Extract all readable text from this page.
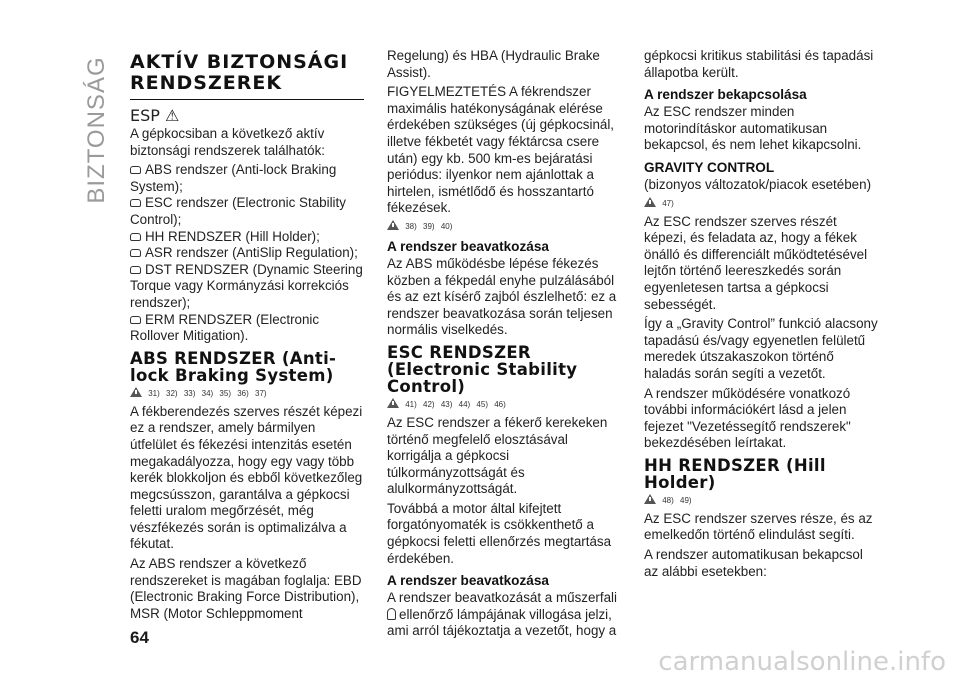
BIZTONSÁG AKTÍV BIZTONSÁGI
RENDSZEREK
ESP ⚠

A gépkocsiban a következő aktív biztonsági rendszerek találhatók:

ABS rendszer (Anti-lock Braking System);
ESC rendszer (Electronic Stability Control);
HH RENDSZER (Hill Holder);
ASR rendszer (AntiSlip Regulation);
DST RENDSZER (Dynamic Steering Torque vagy Kormányzási korrekciós rendszer);
ERM RENDSZER (Electronic Rollover Mitigation).
ABS RENDSZER (Anti-
lock Braking System)
31) 32) 33) 34) 35) 36) 37)

A fékberendezés szerves részét képezi ez a rendszer, amely bármilyen útfelület és fékezési intenzitás esetén megakadályozza, hogy egy vagy több kerék blokkoljon és ebből következőleg megcsússzon, garantálva a gépkocsi feletti uralom megőrzését, még vészfékezés során is optimalizálva a fékutat.

Az ABS rendszer a következő rendszereket is magában foglalja: EBD (Electronic Braking Force Distribution), MSR (Motor Schleppmoment

Regelung) és HBA (Hydraulic Brake Assist).

FIGYELMEZTETÉS A fékrendszer maximális hatékonyságának elérése érdekében szükséges (új gépkocsinál, illetve fékbetét vagy féktárcsa csere után) egy kb. 500 km-es bejáratási periódus: ilyenkor nem ajánlottak a hirtelen, ismétlődő és hosszantartó fékezések.

38) 39) 40)
A rendszer beavatkozása

Az ABS működésbe lépése fékezés közben a fékpedál enyhe pulzálásából és az ezt kísérő zajból észlelhető: ez a rendszer beavatkozása során teljesen normális viselkedés.

ESC RENDSZER
(Electronic Stability
Control)
41) 42) 43) 44) 45) 46)

Az ESC rendszer a fékerő kerekeken történő megfelelő elosztásával korrigálja a gépkocsi túlkormányzottságát és alulkormányzottságát.

Továbbá a motor által kifejtett forgatónyomaték is csökkenthető a gépkocsi feletti ellenőrzés megtartása érdekében.

A rendszer beavatkozása

A rendszer beavatkozását a műszerfali
ellenőrző lámpájának villogása jelzi, ami arról tájékoztatja a vezetőt, hogy a

gépkocsi kritikus stabilitási és tapadási állapotba került.

A rendszer bekapcsolása

Az ESC rendszer minden motorindításkor automatikusan bekapcsol, és nem lehet kikapcsolni.

GRAVITY CONTROL

(bizonyos változatok/piacok esetében)

47)

Az ESC rendszer szerves részét képezi, és feladata az, hogy a fékek önálló és differenciált működtetésével lejtőn történő leereszkedés során egyenletesen tartsa a gépkocsi sebességét.

Így a „Gravity Control” funkció alacsony tapadású és/vagy egyenetlen felületű meredek útszakaszokon történő haladás során segíti a vezetőt.

A rendszer működésére vonatkozó további információkért lásd a jelen fejezet "Vezetéssegítő rendszerek" bekezdésében leírtakat.

HH RENDSZER (Hill
Holder)
48) 49)

Az ESC rendszer szerves része, és az emelkedőn történő elindulást segíti.

A rendszer automatikusan bekapcsol az alábbi esetekben:

64
carmanualsonline.info
